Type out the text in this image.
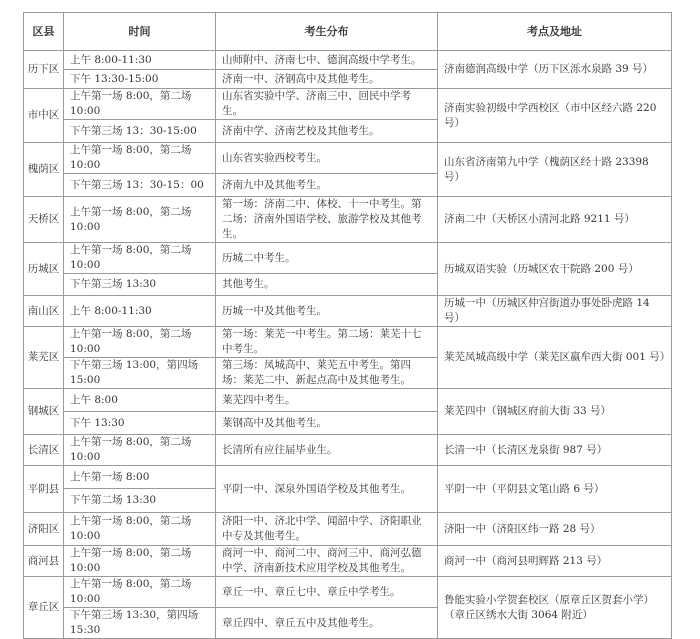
区县	时间	考生分布	考点及地址
历下区	上午 8:00-11:30	山师附中、济南七中、德润高级中学考生。	济南德润高级中学（历下区泺水泉路 39 号）
	下午 13:30-15:00	济南一中、济钢高中及其他考生。	
市中区	上午第一场 8:00，第二场 10:00	山东省实验中学、济南三中、回民中学考生。	济南实验初级中学西校区（市中区经六路 220 号）
	下午第三场 13：30-15:00	济南中学、济南艺校及其他考生。	
槐荫区	上午第一场 8:00，第二场 10:00	山东省实验西校考生。	山东省济南第九中学（槐荫区经十路 23398 号）
	下午第三场 13：30-15：00	济南九中及其他考生。	
天桥区	上午第一场 8:00，第二场 10:00	第一场：济南二中、体校、十一中考生。第二场：济南外国语学校、旅游学校及其他考生。	济南二中（天桥区小清河北路 9211 号）
历城区	上午第一场 8:00，第二场 10:00	历城二中考生。	历城双语实验（历城区农干院路 200 号）
	下午第三场 13:30	其他考生。	
南山区	上午 8:00-11:30	历城一中及其他考生。	历城一中（历城区仲宫街道办事处卧虎路 14 号）
莱芜区	上午第一场 8:00，第二场 10:00	第一场：莱芜一中考生。第二场：莱芜十七中考生。	莱芜凤城高级中学（莱芜区嬴牟西大街 001 号）
	下午第三场 13:00，第四场 15:00	第三场：凤城高中、莱芜五中考生。第四场：莱芜二中、新起点高中及其他考生。	
钢城区	上午 8:00	莱芜四中考生。	莱芜四中（钢城区府前大街 33 号）
	下午 13:30	莱钢高中及其他考生。	
长清区	上午第一场 8:00，第二场 10:00	长清所有应往届毕业生。	长清一中（长清区龙泉街 987 号）
平阴县	上午第一场 8:00	平阴一中、深泉外国语学校及其他考生。	平阴一中（平阴县文笔山路 6 号）
	下午第二场 13:30		
济阳区	上午第一场 8:00，第二场 10:00	济阳一中、济北中学、闻韶中学、济阳职业中专及其他考生。	济阳一中（济阳区纬一路 28 号）
商河县	上午第一场 8:00，第二场 10:00	商河一中、商河二中、商河三中、商河弘德中学、济南新技术应用学校及其他考生。	商河一中（商河县明辉路 213 号）
章丘区	上午第一场 8:00，第二场 10:00	章丘一中、章丘七中、章丘中学考生。	鲁能实验小学贺套校区（原章丘区贺套小学）（章丘区绣水大街 3064 附近）
	下午第三场 13:30，第四场 15:30	章丘四中、章丘五中及其他考生。	
